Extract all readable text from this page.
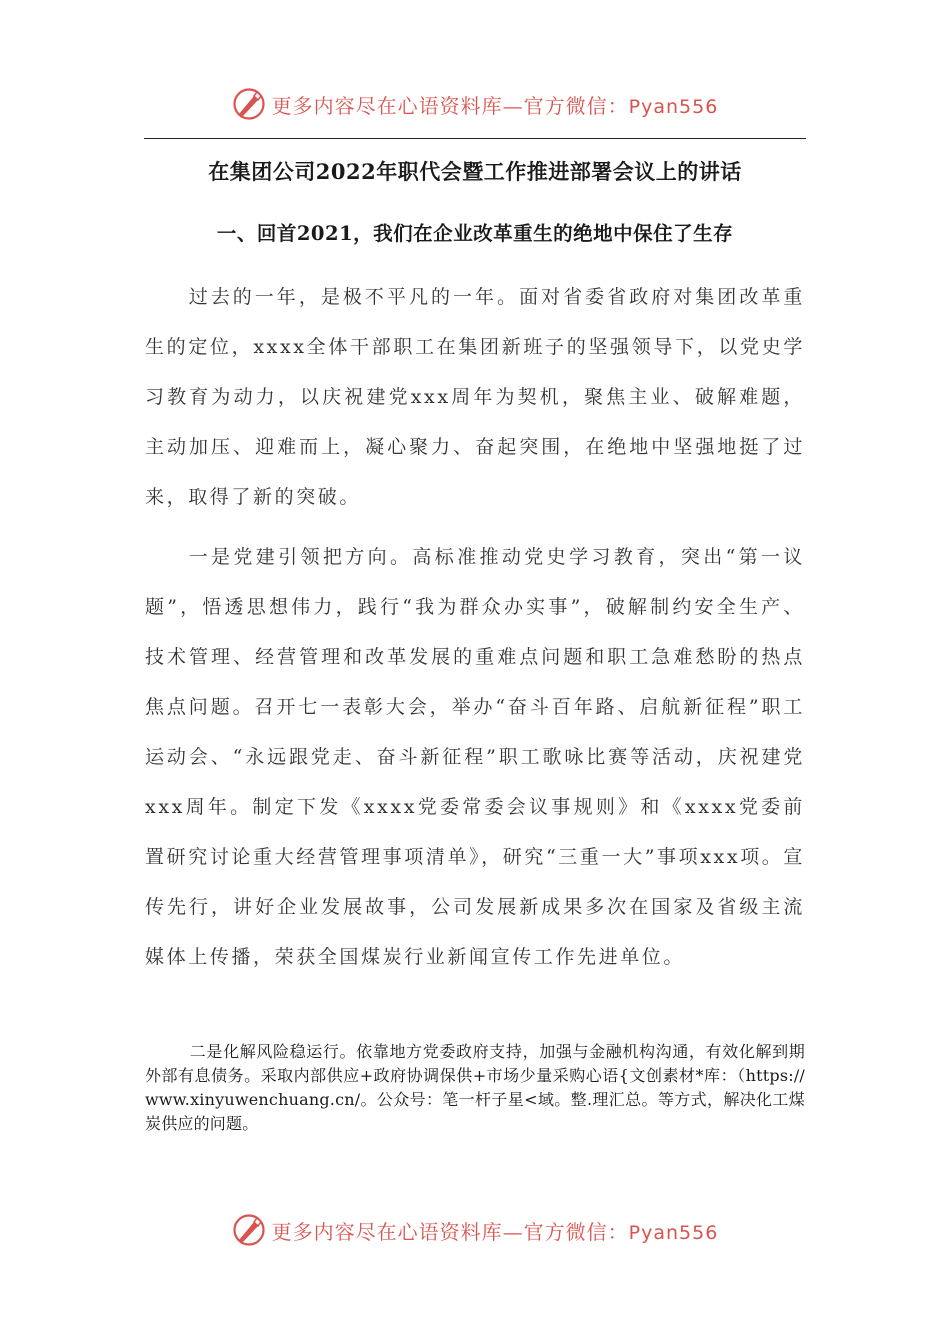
更多内容尽在心语资料库—官方微信：Pyan556
在集团公司2022年职代会暨工作推进部署会议上的讲话
一、回首2021，我们在企业改革重生的绝地中保住了生存

过去的一年，是极不平凡的一年。面对省委省政府对集团改革重生的定位，xxxx全体干部职工在集团新班子的坚强领导下，以党史学习教育为动力，以庆祝建党xxx周年为契机，聚焦主业、破解难题，主动加压、迎难而上，凝心聚力、奋起突围，在绝地中坚强地挺了过来，取得了新的突破。

一是党建引领把方向。高标准推动党史学习教育，突出“第一议题”，悟透思想伟力，践行“我为群众办实事”，破解制约安全生产、技术管理、经营管理和改革发展的重难点问题和职工急难愁盼的热点焦点问题。召开七一表彰大会，举办“奋斗百年路、启航新征程”职工运动会、“永远跟党走、奋斗新征程”职工歌咏比赛等活动，庆祝建党xxx周年。制定下发《xxxx党委常委会议事规则》和《xxxx党委前置研究讨论重大经营管理事项清单》，研究“三重一大”事项xxx项。宣传先行，讲好企业发展故事，公司发展新成果多次在国家及省级主流媒体上传播，荣获全国煤炭行业新闻宣传工作先进单位。

二是化解风险稳运行。依靠地方党委政府支持，加强与金融机构沟通，有效化解到期外部有息债务。采取内部供应+政府协调保供+市场少量采购心语{文创素材*库：（https://www.xinyuwenchuang.cn/。公众号：笔一杆子星<域。整.理汇总。等方式，解决化工煤炭供应的问题。

更多内容尽在心语资料库—官方微信：Pyan556
